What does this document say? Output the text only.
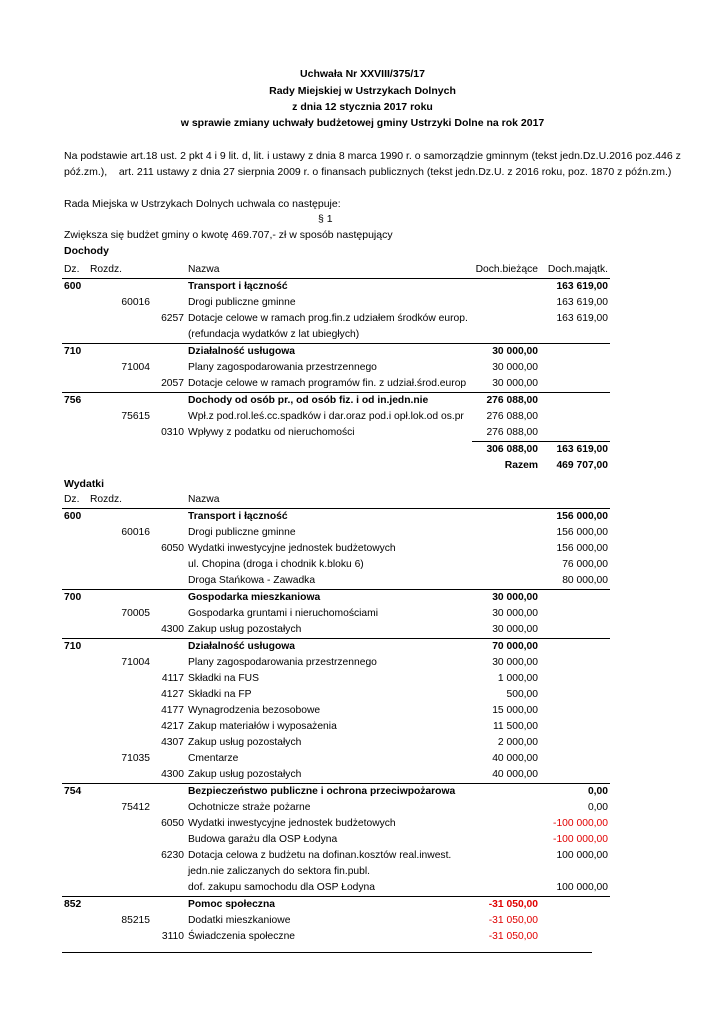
Uchwała Nr XXVIII/375/17
Rady Miejskiej w Ustrzykach Dolnych
z dnia 12 stycznia 2017 roku
w sprawie zmiany uchwały budżetowej gminy Ustrzyki Dolne na rok 2017
Na podstawie art.18 ust. 2 pkt 4 i 9 lit. d, lit. i ustawy z dnia 8 marca 1990 r. o samorządzie gminnym (tekst jedn.Dz.U.2016 poz.446 z
póź.zm.),    art. 211 ustawy z dnia 27 sierpnia 2009 r. o finansach publicznych (tekst jedn.Dz.U. z 2016 roku, poz. 1870 z późn.zm.)
Rada Miejska w Ustrzykach Dolnych uchwala co następuje:
§ 1
Zwiększa się budżet gminy o kwotę 469.707,- zł w sposób następujący
Dochody
Dz.	Rozdz.		Nazwa	Doch.bieżące	Doch.majątk.
600			Transport i łączność		163 619,00
	60016		Drogi publiczne gminne		163 619,00
		6257	Dotacje celowe w ramach prog.fin.z udziałem środków europ.		163 619,00
			(refundacja wydatków z lat ubiegłych)		
710			Działalność usługowa	30 000,00	
	71004		Plany zagospodarowania przestrzennego	30 000,00	
		2057	Dotacje celowe w ramach programów fin. z udział.środ.europ	30 000,00	
756			Dochody od osób pr., od osób fiz. i od in.jedn.nie	276 088,00	
	75615		Wpł.z pod.rol.leś.cc.spadków i dar.oraz pod.i opł.lok.od os.pr	276 088,00	
		0310	Wpływy z podatku od nieruchomości	276 088,00	
				306 088,00	163 619,00
				Razem	469 707,00
Wydatki
Dz.	Rozdz.		Nazwa		
600			Transport i łączność		156 000,00
	60016		Drogi publiczne gminne		156 000,00
		6050	Wydatki inwestycyjne jednostek budżetowych		156 000,00
			ul. Chopina (droga i chodnik k.bloku 6)		76 000,00
			Droga Stańkowa - Zawadka		80 000,00
700			Gospodarka mieszkaniowa	30 000,00	
	70005		Gospodarka gruntami i nieruchomościami	30 000,00	
		4300	Zakup usług pozostałych	30 000,00	
710			Działalność usługowa	70 000,00	
	71004		Plany zagospodarowania przestrzennego	30 000,00	
		4117	Składki na FUS	1 000,00	
		4127	Składki na FP	500,00	
		4177	Wynagrodzenia bezosobowe	15 000,00	
		4217	Zakup materiałów i wyposażenia	11 500,00	
		4307	Zakup usług pozostałych	2 000,00	
	71035		Cmentarze	40 000,00	
		4300	Zakup usług pozostałych	40 000,00	
754			Bezpieczeństwo publiczne i ochrona przeciwpożarowa		0,00
	75412		Ochotnicze straże pożarne		0,00
		6050	Wydatki inwestycyjne jednostek budżetowych		-100 000,00
			Budowa garażu dla OSP Łodyna		-100 000,00
		6230	Dotacja celowa z budżetu na dofinan.kosztów real.inwest.		100 000,00
			jedn.nie zaliczanych do sektora fin.publ.		
			dof. zakupu samochodu dla OSP Łodyna		100 000,00
852			Pomoc społeczna	-31 050,00	
	85215		Dodatki mieszkaniowe	-31 050,00	
		3110	Świadczenia społeczne	-31 050,00	
